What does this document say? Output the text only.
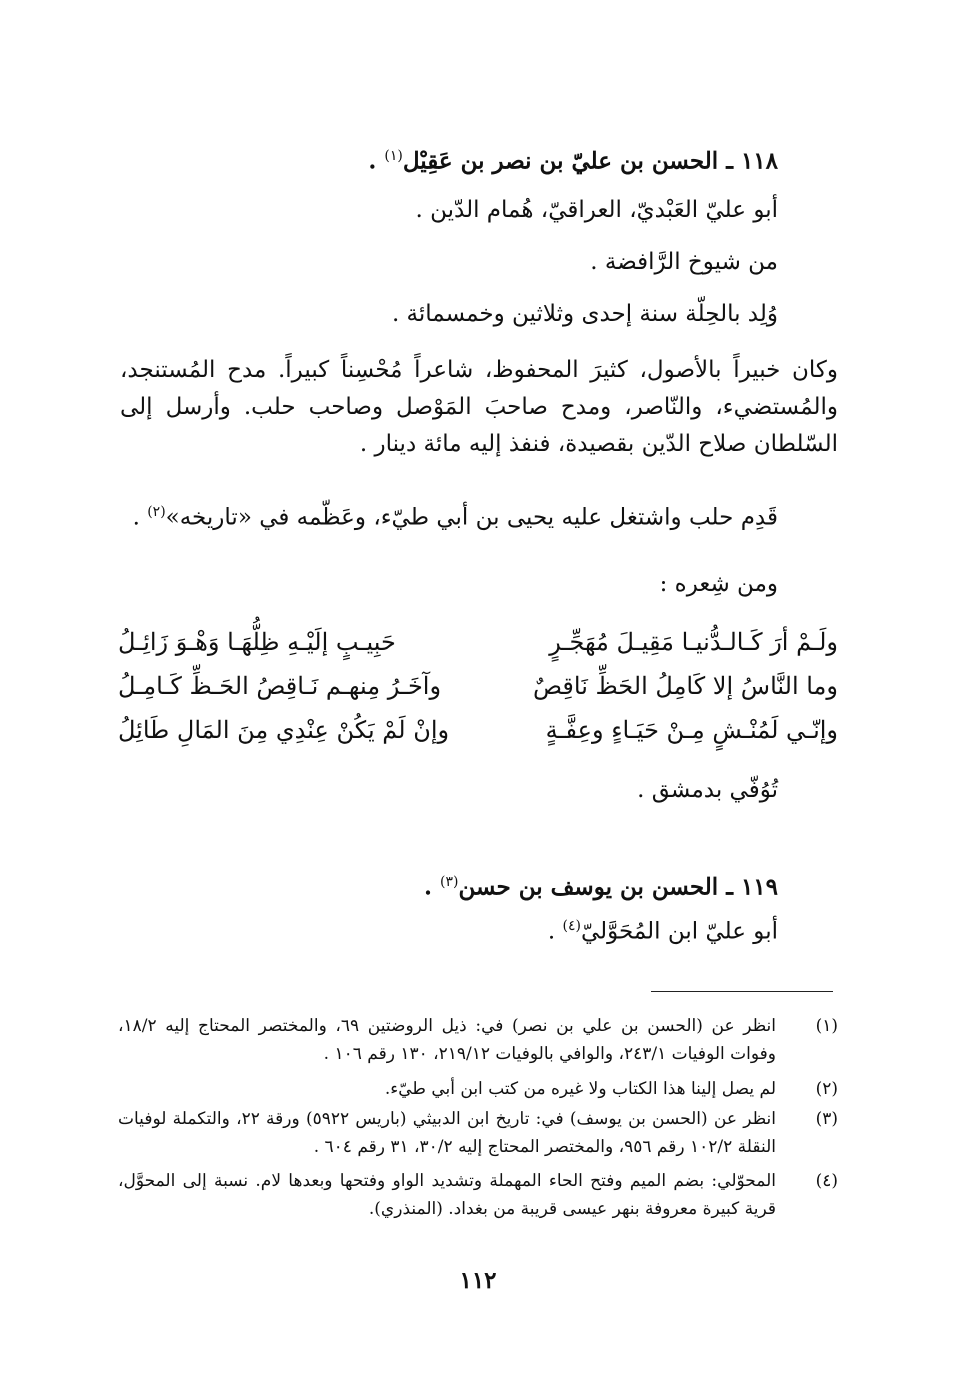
١١٨ ـ الحسن بن عليّ بن نصر بن عَقِيْل$^{(١)}$ .
أبو عليّ العَبْديّ، العراقيّ، هُمام الدّين .
من شيوخ الرَّافضة .
وُلِد بالحِلّة سنة إحدى وثلاثين وخمسمائة .
وكان خبيراً بالأصول، كثيرَ المحفوظ، شاعراً مُحْسِناً كبيراً. مدح المُستنجد، والمُستضيء، والنّاصر، ومدح صاحبَ المَوْصل وصاحب حلب. وأرسل إلى السّلطان صلاح الدّين بقصيدة، فنفذ إليه مائة دينار .
قَدِم حلب واشتغل عليه يحيى بن أبي طيّء، وعَظّمه في «تاريخه»$^{(٢)}$ .
ومن شِعره :
ولَـمْ أرَ كَـالـدُّنيـا مَقِيـلَ مُهَجِّـرٍ
حَبِيـبٍ إلَيْـهِ ظِلُّهَـا وَهْـوَ زَائِـلُ
وما النَّاسُ إلا كَامِلُ الحَظِّ نَاقِصٌ
وآخَـرُ مِنهـم نَـاقِصُ الحَـظِّ كَـامِـلُ
وإنّـي لَمُنْـشٍ مِـنْ حَيَـاءٍ وعِفَّـةٍ
وإنْ لَمْ يَكُنْ عِنْدِي مِنَ المَالِ طَائِلُ
تُوُفّي بدمشق .
١١٩ ـ الحسن بن يوسف بن حسن$^{(٣)}$ .
أبو عليّ ابن المُحَوَّليّ$^{(٤)}$ .
(١)
انظر عن (الحسن بن علي بن نصر) في: ذيل الروضتين ٦٩، والمختصر المحتاج إليه ١٨/٢، وفوات الوفيات ٢٤٣/١، والوافي بالوفيات ٢١٩/١٢، ١٣٠ رقم ١٠٦ .
(٢)
لم يصل إلينا هذا الكتاب ولا غيره من كتب ابن أبي طيّء.
(٣)
انظر عن (الحسن بن يوسف) في: تاريخ ابن الدبيثي (باريس ٥٩٢٢) ورقة ٢٢، والتكملة لوفيات النقلة ١٠٢/٢ رقم ٩٥٦، والمختصر المحتاج إليه ٣٠/٢، ٣١ رقم ٦٠٤ .
(٤)
المحوّلي: بضم الميم وفتح الحاء المهملة وتشديد الواو وفتحها وبعدها لام. نسبة إلى المحوَّل، قرية كبيرة معروفة بنهر عيسى قريبة من بغداد. (المنذري).
١١٢
